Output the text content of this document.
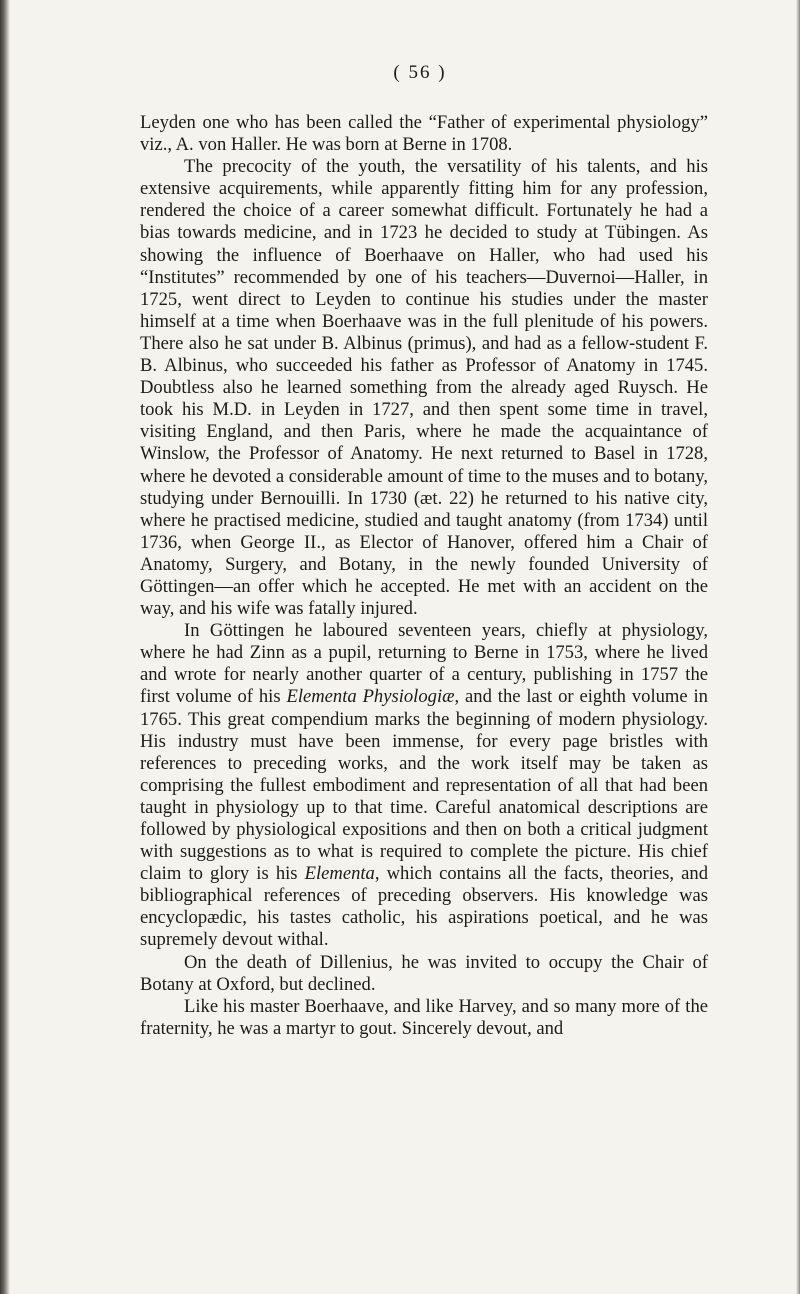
( 56 )

Leyden one who has been called the “Father of experimental physiology” viz., A. von Haller. He was born at Berne in 1708.

The precocity of the youth, the versatility of his talents, and his extensive acquirements, while apparently fitting him for any profession, rendered the choice of a career somewhat difficult. Fortunately he had a bias towards medicine, and in 1723 he decided to study at Tübingen. As showing the influence of Boerhaave on Haller, who had used his “Institutes” recommended by one of his teachers—Duvernoi—Haller, in 1725, went direct to Leyden to continue his studies under the master himself at a time when Boerhaave was in the full plenitude of his powers. There also he sat under B. Albinus (primus), and had as a fellow-student F. B. Albinus, who succeeded his father as Professor of Anatomy in 1745. Doubtless also he learned something from the already aged Ruysch. He took his M.D. in Leyden in 1727, and then spent some time in travel, visiting England, and then Paris, where he made the acquaintance of Winslow, the Professor of Anatomy. He next returned to Basel in 1728, where he devoted a considerable amount of time to the muses and to botany, studying under Bernouilli. In 1730 (æt. 22) he returned to his native city, where he practised medicine, studied and taught anatomy (from 1734) until 1736, when George II., as Elector of Hanover, offered him a Chair of Anatomy, Surgery, and Botany, in the newly founded University of Göttingen—an offer which he accepted. He met with an accident on the way, and his wife was fatally injured.

In Göttingen he laboured seventeen years, chiefly at physiology, where he had Zinn as a pupil, returning to Berne in 1753, where he lived and wrote for nearly another quarter of a century, publishing in 1757 the first volume of his Elementa Physiologiæ, and the last or eighth volume in 1765. This great compendium marks the beginning of modern physiology. His industry must have been immense, for every page bristles with references to preceding works, and the work itself may be taken as comprising the fullest embodiment and representation of all that had been taught in physiology up to that time. Careful anatomical descriptions are followed by physiological expositions and then on both a critical judgment with suggestions as to what is required to complete the picture. His chief claim to glory is his Elementa, which contains all the facts, theories, and bibliographical references of preceding observers. His knowledge was encyclopædic, his tastes catholic, his aspirations poetical, and he was supremely devout withal.

On the death of Dillenius, he was invited to occupy the Chair of Botany at Oxford, but declined.

Like his master Boerhaave, and like Harvey, and so many more of the fraternity, he was a martyr to gout. Sincerely devout, and
